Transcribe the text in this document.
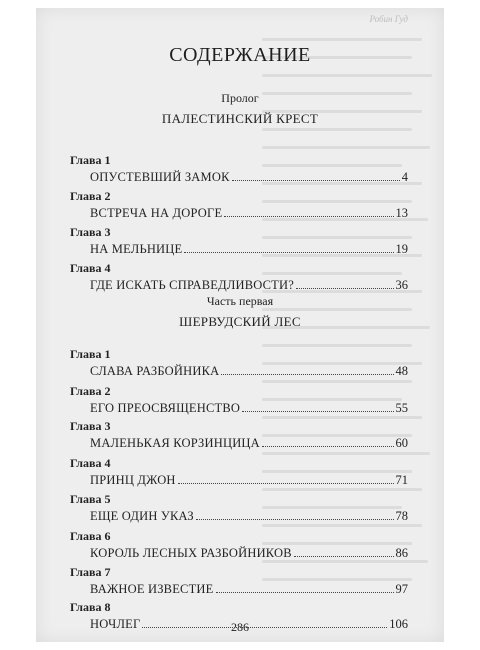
Робин Гуд
СОДЕРЖАНИЕ
286
Пролог
ПАЛЕСТИНСКИЙ КРЕСТ
Глава 1
ОПУСТЕВШИЙ ЗАМОК	4
Глава 2
ВСТРЕЧА НА ДОРОГЕ	13
Глава 3
НА МЕЛЬНИЦЕ	19
Глава 4
ГДЕ ИСКАТЬ СПРАВЕДЛИВОСТИ?	36
Часть первая
ШЕРВУДСКИЙ ЛЕС
Глава 1
СЛАВА РАЗБОЙНИКА	48
Глава 2
ЕГО ПРЕОСВЯЩЕНСТВО	55
Глава 3
МАЛЕНЬКАЯ КОРЗИНЦИЦА	60
Глава 4
ПРИНЦ ДЖОН	71
Глава 5
ЕЩЕ ОДИН УКАЗ	78
Глава 6
КОРОЛЬ ЛЕСНЫХ РАЗБОЙНИКОВ	86
Глава 7
ВАЖНОЕ ИЗВЕСТИЕ	97
Глава 8
НОЧЛЕГ	106
